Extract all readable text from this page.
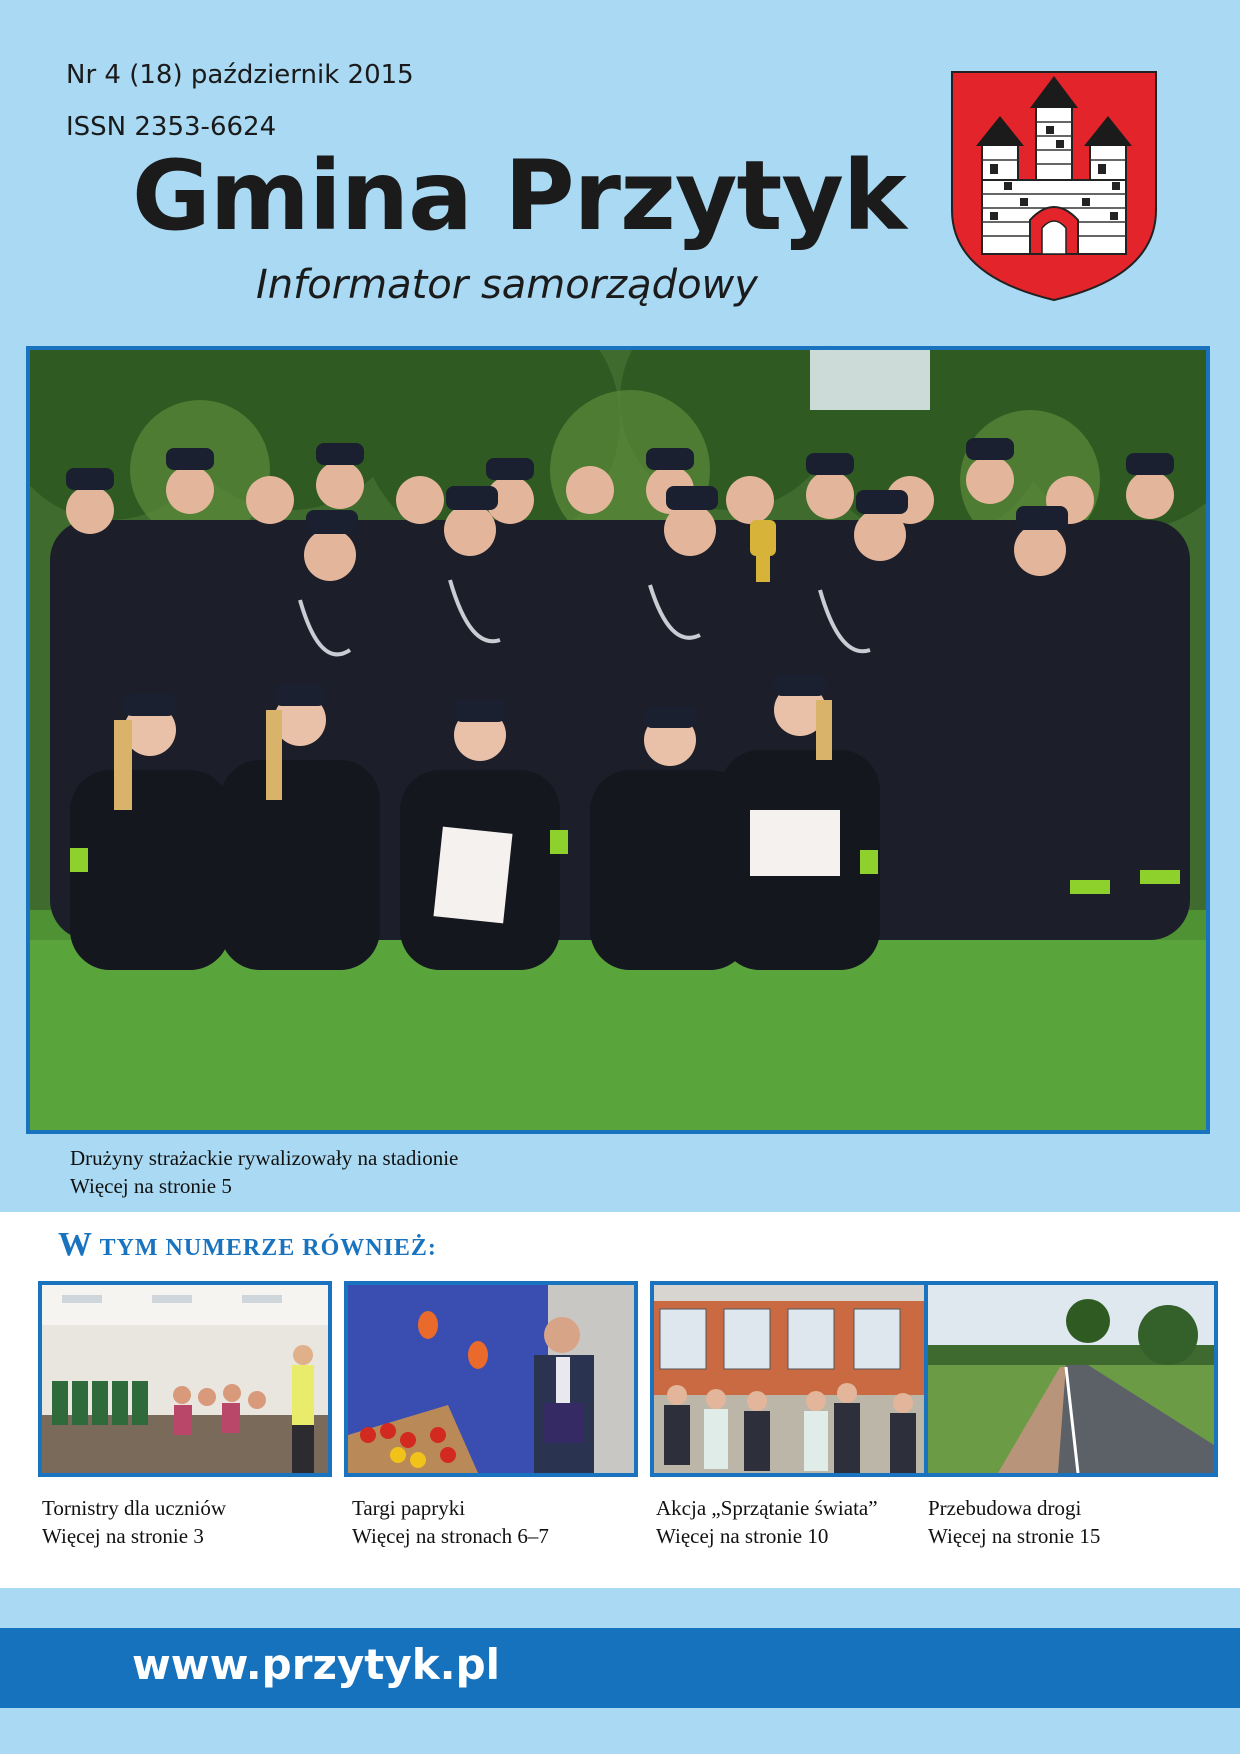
Nr 4 (18) październik 2015
ISSN 2353-6624
Gmina Przytyk
Informator samorządowy
Drużyny strażackie rywalizowały na stadionie
Więcej na stronie 5
W TYM NUMERZE RÓWNIEŻ:
Tornistry dla uczniów
Więcej na stronie 3
Targi papryki
Więcej na stronach 6–7
Akcja „Sprzątanie świata”
Więcej na stronie 10
Przebudowa drogi
Więcej na stronie 15
www.przytyk.pl
